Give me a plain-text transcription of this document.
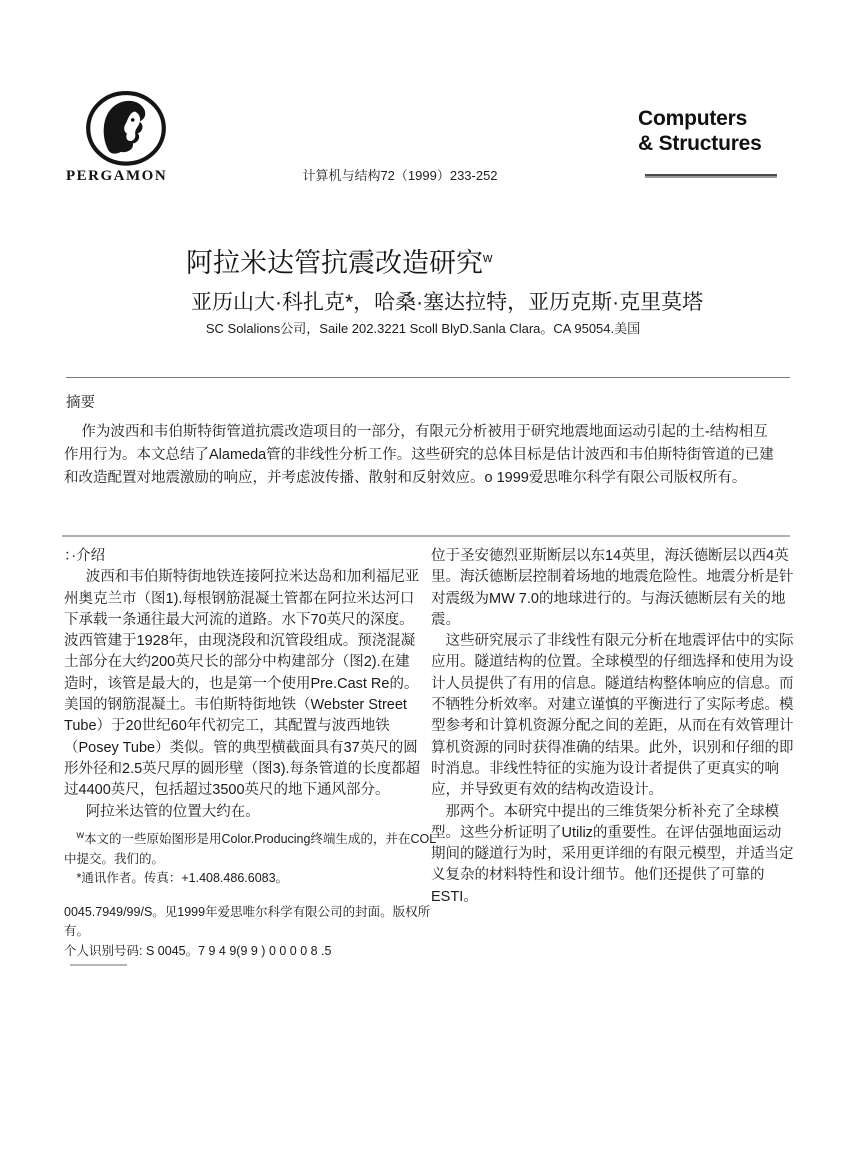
PERGAMON	计算机与结构72（1999）233-252
Computers
& Structures
阿拉米达管抗震改造研究$^w$
亚历山大·科扎克*，哈桑·塞达拉特，亚历克斯·克里莫塔
SC Solalions公司，Saile 202.3221 Scoll BlyD.Sanla Clara。CA 95054.美国
摘要

作为波西和韦伯斯特街管道抗震改造项目的一部分，有限元分析被用于研究地震地面运动引起的土-结构相互作用行为。本文总结了Alameda管的非线性分析工作。这些研究的总体目标是估计波西和韦伯斯特街管道的已建和改造配置对地震激励的响应，并考虑波传播、散射和反射效应。o 1999爱思唯尔科学有限公司版权所有。

：·介绍

波西和韦伯斯特街地铁连接阿拉米达岛和加利福尼亚州奥克兰市（图1).每根钢筋混凝土管都在阿拉米达河口下承载一条通往最大河流的道路。水下70英尺的深度。波西管建于1928年，由现浇段和沉管段组成。预浇混凝土部分在大约200英尺长的部分中构建部分（图2).在建造时，该管是最大的，也是第一个使用Pre.Cast Re的。美国的钢筋混凝土。韦伯斯特街地铁（Webster Street Tube）于20世纪60年代初完工，其配置与波西地铁（Posey Tube）类似。管的典型横截面具有37英尺的圆形外径和2.5英尺厚的圆形壁（图3).每条管道的长度都超过4400英尺，包括超过3500英尺的地下通风部分。

阿拉米达管的位置大约在。

位于圣安德烈亚斯断层以东14英里，海沃德断层以西4英里。海沃德断层控制着场地的地震危险性。地震分析是针对震级为MW 7.0的地球进行的。与海沃德断层有关的地震。

这些研究展示了非线性有限元分析在地震评估中的实际应用。隧道结构的位置。全球模型的仔细选择和使用为设计人员提供了有用的信息。隧道结构整体响应的信息。而不牺牲分析效率。对建立谨慎的平衡进行了实际考虑。模型参考和计算机资源分配之间的差距，从而在有效管理计算机资源的同时获得准确的结果。此外，识别和仔细的即时消息。非线性特征的实施为设计者提供了更真实的响应，并导致更有效的结构改造设计。

那两个。本研究中提出的三维货架分析补充了全球模型。这些分析证明了Utiliz的重要性。在评估强地面运动期间的隧道行为时，采用更详细的有限元模型，并适当定义复杂的材料特性和设计细节。他们还提供了可靠的ESTI。

$^w$本文的一些原始图形是用Color.Producing终端生成的，并在COL中提交。我们的。

*通讯作者。传真：+1.408.486.6083。

0045.7949/99/S。见1999年爱思唯尔科学有限公司的封面。版权所有。

个人识别号码: S 0045。7 9 4 9(9 9 ) 0 0 0 0 8 .5
